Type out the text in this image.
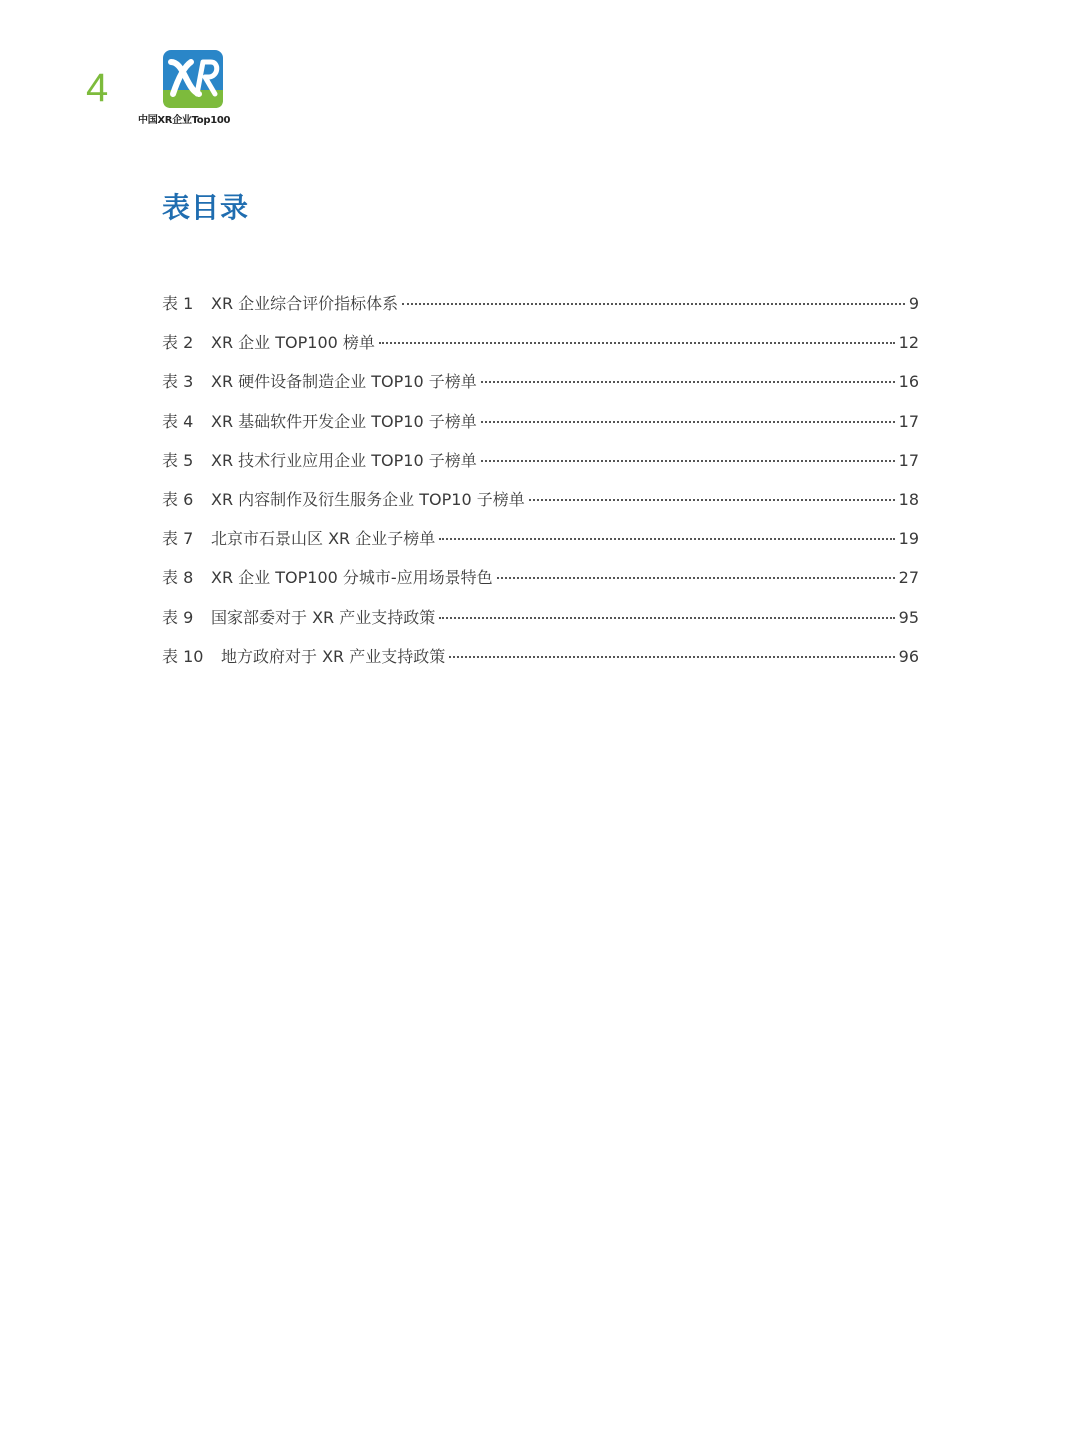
4
中国XR企业Top100
表目录
表 1	XR 企业综合评价指标体系	9
表 2	XR 企业 TOP100 榜单	12
表 3	XR 硬件设备制造企业 TOP10 子榜单	16
表 4	XR 基础软件开发企业 TOP10 子榜单	17
表 5	XR 技术行业应用企业 TOP10 子榜单	17
表 6	XR 内容制作及衍生服务企业 TOP10 子榜单	18
表 7	北京市石景山区 XR 企业子榜单	19
表 8	XR 企业 TOP100 分城市-应用场景特色	27
表 9	国家部委对于 XR 产业支持政策	95
表 10	地方政府对于 XR 产业支持政策	96
